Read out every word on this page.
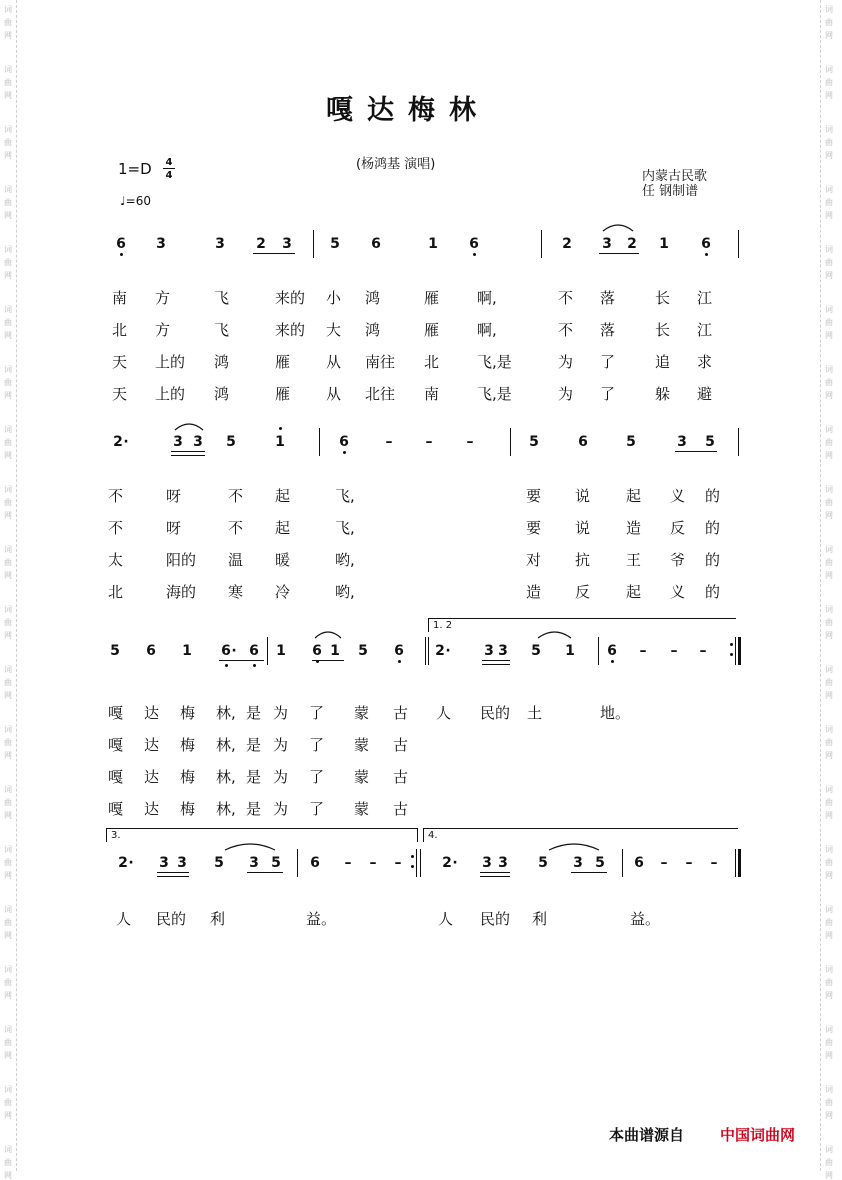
词
曲
网
词
曲
网
词
曲
网
词
曲
网
词
曲
网
词
曲
网
词
曲
网
词
曲
网
词
曲
网
词
曲
网
词
曲
网
词
曲
网
词
曲
网
词
曲
网
词
曲
网
词
曲
网
词
曲
网
词
曲
网
词
曲
网
词
曲
网
词
曲
网
词
曲
网
词
曲
网
词
曲
网
词
曲
网
词
曲
网
词
曲
网
词
曲
网
词
曲
网
词
曲
网
词
曲
网
词
曲
网
词
曲
网
词
曲
网
词
曲
网
词
曲
网
词
曲
网
词
曲
网
词
曲
网
词
曲
网
嘎达梅林
1=D 4
4
♩=60
(杨鸿基 演唱)
内蒙古民歌
任 钢制谱
6 3	3 2 3	5 6	1 6	2 3 2 1 6
南 方	飞	来的 小 鸿	雁	啊,	不 落	长 江
北 方	飞	来的 大 鸿	雁	啊,	不 落	长 江
天 上的 鸿	雁 从 南往 北	飞,是	为 了	追 求
天 上的 鸿	雁 从 北往 南	飞,是	为 了	躲 避
2 ·	3 3 5	1	6	– – –	5	6	5	3 5
不	呀	不 起	飞,	要 说 起 义 的
不	呀	不 起	飞,	要 说 造 反 的
太	阳的 温 暖	哟,	对 抗 王 爷 的
北	海的 寒 冷	哟,	造 反 起 义 的
5 6 1 6 · 6 1 6 1 5 6 2 · 3 3 5 1 6 – – –
1. 2
嘎 达 梅 林, 是 为 了 蒙 古 人 民的 土	地。
嘎 达 梅 林, 是 为 了 蒙 古
嘎 达 梅 林, 是 为 了 蒙 古
嘎 达 梅 林, 是 为 了 蒙 古
2 · 3 3 5 3 5 6 – – –	2 · 3 3 5 3 5 6 – – –
3.	4.
人 民的 利	益。	人 民的 利	益。
本曲谱源自 中国词曲网
